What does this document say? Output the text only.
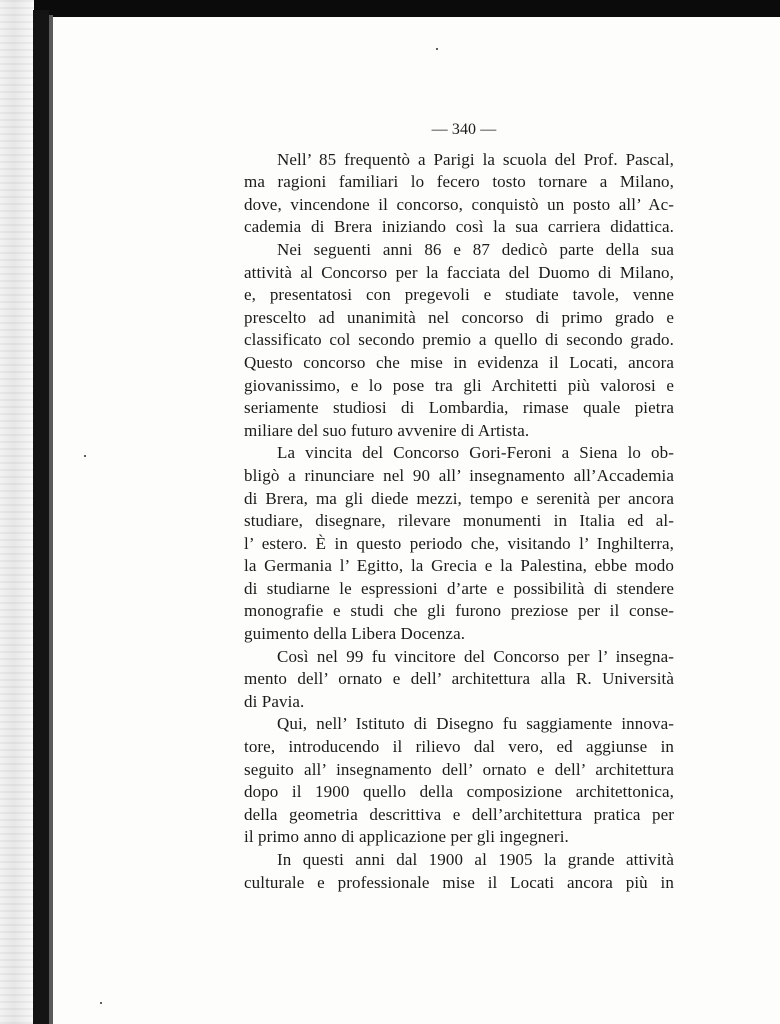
— 340 —

Nell’ 85 frequentò a Parigi la scuola del Prof. Pascal,
ma ragioni familiari lo fecero tosto tornare a Milano,
dove, vincendone il concorso, conquistò un posto all’ Ac-
cademia di Brera iniziando così la sua carriera didattica.

Nei seguenti anni 86 e 87 dedicò parte della sua
attività al Concorso per la facciata del Duomo di Milano,
e, presentatosi con pregevoli e studiate tavole, venne
prescelto ad unanimità nel concorso di primo grado e
classificato col secondo premio a quello di secondo grado.
Questo concorso che mise in evidenza il Locati, ancora
giovanissimo, e lo pose tra gli Architetti più valorosi e
seriamente studiosi di Lombardia, rimase quale pietra
miliare del suo futuro avvenire di Artista.

La vincita del Concorso Gori-Feroni a Siena lo ob-
bligò a rinunciare nel 90 all’ insegnamento all’Accademia
di Brera, ma gli diede mezzi, tempo e serenità per ancora
studiare, disegnare, rilevare monumenti in Italia ed al-
l’ estero. È in questo periodo che, visitando l’ Inghilterra,
la Germania l’ Egitto, la Grecia e la Palestina, ebbe modo
di studiarne le espressioni d’arte e possibilità di stendere
monografie e studi che gli furono preziose per il conse-
guimento della Libera Docenza.

Così nel 99 fu vincitore del Concorso per l’ insegna-
mento dell’ ornato e dell’ architettura alla R. Università
di Pavia.

Qui, nell’ Istituto di Disegno fu saggiamente innova-
tore, introducendo il rilievo dal vero, ed aggiunse in
seguito all’ insegnamento dell’ ornato e dell’ architettura
dopo il 1900 quello della composizione architettonica,
della geometria descrittiva e dell’architettura pratica per
il primo anno di applicazione per gli ingegneri.

In questi anni dal 1900 al 1905 la grande attività
culturale e professionale mise il Locati ancora più in
